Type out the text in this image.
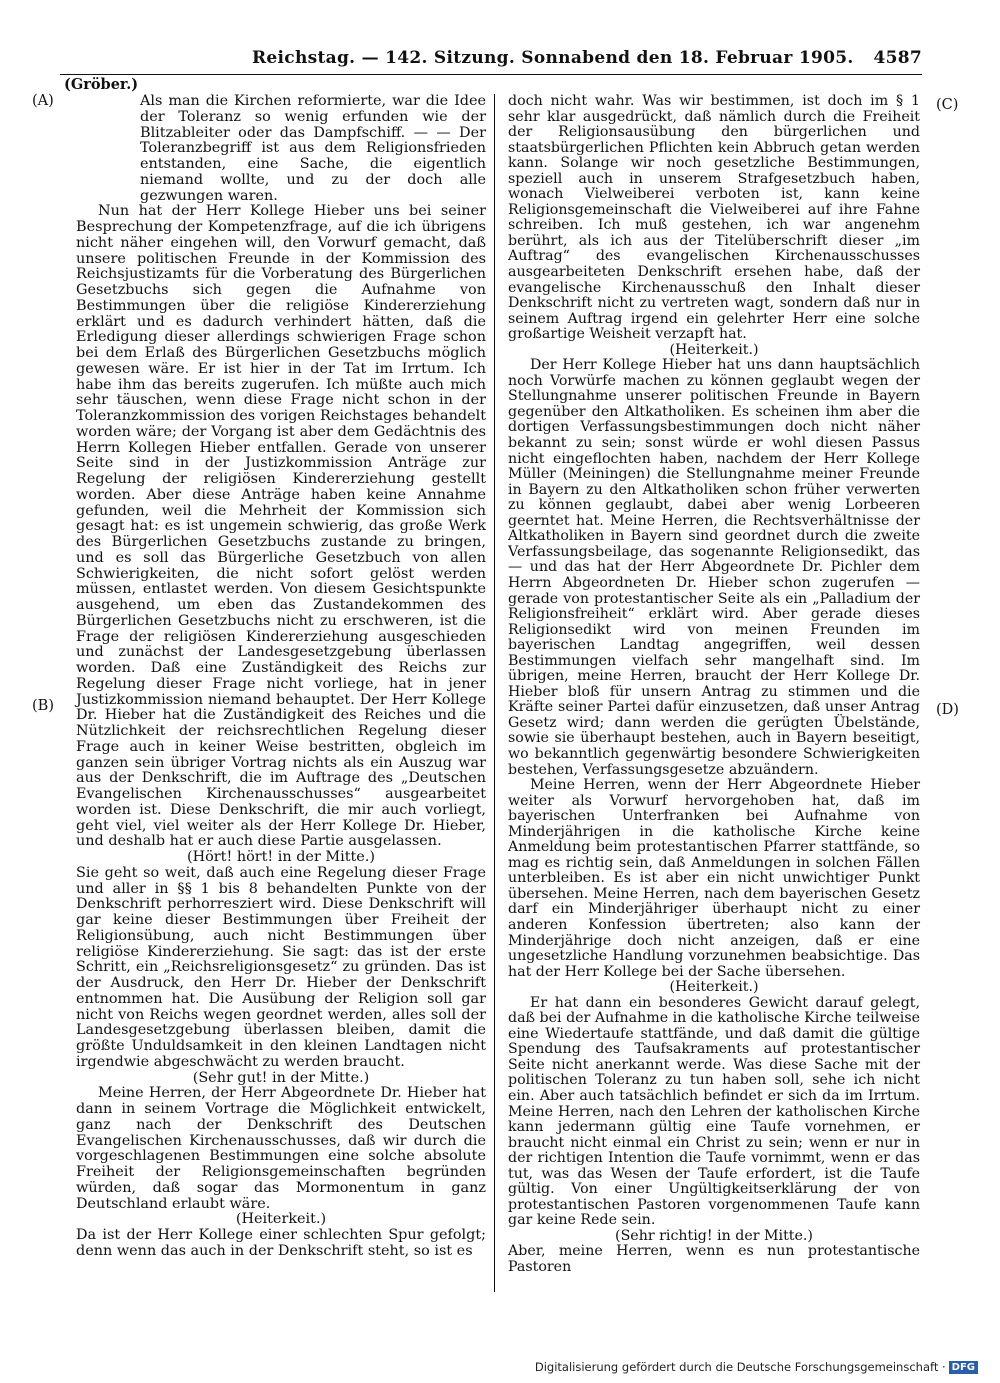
Reichstag. — 142. Sitzung. Sonnabend den 18. Februar 1905. 4587
(Gröber.)
(A)
(B)
(C)
(D)

Als man die Kirchen reformierte, war die Idee der Toleranz so wenig erfunden wie der Blitzableiter oder das Dampfschiff. — — Der Toleranzbegriff ist aus dem Religionsfrieden entstanden, eine Sache, die eigentlich niemand wollte, und zu der doch alle gezwungen waren.

Nun hat der Herr Kollege Hieber uns bei seiner Besprechung der Kompetenzfrage, auf die ich übrigens nicht näher eingehen will, den Vorwurf gemacht, daß unsere politischen Freunde in der Kommission des Reichsjustizamts für die Vorberatung des Bürgerlichen Gesetzbuchs sich gegen die Aufnahme von Bestimmungen über die religiöse Kindererziehung erklärt und es dadurch verhindert hätten, daß die Erledigung dieser allerdings schwierigen Frage schon bei dem Erlaß des Bürgerlichen Gesetzbuchs möglich gewesen wäre. Er ist hier in der Tat im Irrtum. Ich habe ihm das bereits zugerufen. Ich müßte auch mich sehr täuschen, wenn diese Frage nicht schon in der Toleranzkommission des vorigen Reichstages behandelt worden wäre; der Vorgang ist aber dem Gedächtnis des Herrn Kollegen Hieber entfallen. Gerade von unserer Seite sind in der Justizkommission Anträge zur Regelung der religiösen Kindererziehung gestellt worden. Aber diese Anträge haben keine Annahme gefunden, weil die Mehrheit der Kommission sich gesagt hat: es ist ungemein schwierig, das große Werk des Bürgerlichen Gesetzbuchs zustande zu bringen, und es soll das Bürgerliche Gesetzbuch von allen Schwierigkeiten, die nicht sofort gelöst werden müssen, entlastet werden. Von diesem Gesichtspunkte ausgehend, um eben das Zustandekommen des Bürgerlichen Gesetzbuchs nicht zu erschweren, ist die Frage der religiösen Kindererziehung ausgeschieden und zunächst der Landesgesetzgebung überlassen worden. Daß eine Zuständigkeit des Reichs zur Regelung dieser Frage nicht vorliege, hat in jener Justizkommission niemand behauptet. Der Herr Kollege Dr. Hieber hat die Zuständigkeit des Reiches und die Nützlichkeit der reichsrechtlichen Regelung dieser Frage auch in keiner Weise bestritten, obgleich im ganzen sein übriger Vortrag nichts als ein Auszug war aus der Denkschrift, die im Auftrage des „Deutschen Evangelischen Kirchenausschusses“ ausgearbeitet worden ist. Diese Denkschrift, die mir auch vorliegt, geht viel, viel weiter als der Herr Kollege Dr. Hieber, und deshalb hat er auch diese Partie ausgelassen.

(Hört! hört! in der Mitte.)

Sie geht so weit, daß auch eine Regelung dieser Frage und aller in §§ 1 bis 8 behandelten Punkte von der Denkschrift perhorresziert wird. Diese Denkschrift will gar keine dieser Bestimmungen über Freiheit der Religionsübung, auch nicht Bestimmungen über religiöse Kindererziehung. Sie sagt: das ist der erste Schritt, ein „Reichsreligionsgesetz“ zu gründen. Das ist der Ausdruck, den Herr Dr. Hieber der Denkschrift entnommen hat. Die Ausübung der Religion soll gar nicht von Reichs wegen geordnet werden, alles soll der Landesgesetzgebung überlassen bleiben, damit die größte Unduldsamkeit in den kleinen Landtagen nicht irgendwie abgeschwächt zu werden braucht.

(Sehr gut! in der Mitte.)

Meine Herren, der Herr Abgeordnete Dr. Hieber hat dann in seinem Vortrage die Möglichkeit entwickelt, ganz nach der Denkschrift des Deutschen Evangelischen Kirchenausschusses, daß wir durch die vorgeschlagenen Bestimmungen eine solche absolute Freiheit der Religionsgemeinschaften begründen würden, daß sogar das Mormonentum in ganz Deutschland erlaubt wäre.

(Heiterkeit.)

Da ist der Herr Kollege einer schlechten Spur gefolgt; denn wenn das auch in der Denkschrift steht, so ist es

doch nicht wahr. Was wir bestimmen, ist doch im § 1 sehr klar ausgedrückt, daß nämlich durch die Freiheit der Religionsausübung den bürgerlichen und staatsbürgerlichen Pflichten kein Abbruch getan werden kann. Solange wir noch gesetzliche Bestimmungen, speziell auch in unserem Strafgesetzbuch haben, wonach Vielweiberei verboten ist, kann keine Religionsgemeinschaft die Vielweiberei auf ihre Fahne schreiben. Ich muß gestehen, ich war angenehm berührt, als ich aus der Titelüberschrift dieser „im Auftrag“ des evangelischen Kirchenausschusses ausgearbeiteten Denkschrift ersehen habe, daß der evangelische Kirchenausschuß den Inhalt dieser Denkschrift nicht zu vertreten wagt, sondern daß nur in seinem Auftrag irgend ein gelehrter Herr eine solche großartige Weisheit verzapft hat.

(Heiterkeit.)

Der Herr Kollege Hieber hat uns dann hauptsächlich noch Vorwürfe machen zu können geglaubt wegen der Stellungnahme unserer politischen Freunde in Bayern gegenüber den Altkatholiken. Es scheinen ihm aber die dortigen Verfassungsbestimmungen doch nicht näher bekannt zu sein; sonst würde er wohl diesen Passus nicht eingeflochten haben, nachdem der Herr Kollege Müller (Meiningen) die Stellungnahme meiner Freunde in Bayern zu den Altkatholiken schon früher verwerten zu können geglaubt, dabei aber wenig Lorbeeren geerntet hat. Meine Herren, die Rechtsverhältnisse der Altkatholiken in Bayern sind geordnet durch die zweite Verfassungsbeilage, das sogenannte Religionsedikt, das — und das hat der Herr Abgeordnete Dr. Pichler dem Herrn Abgeordneten Dr. Hieber schon zugerufen — gerade von protestantischer Seite als ein „Palladium der Religionsfreiheit“ erklärt wird. Aber gerade dieses Religionsedikt wird von meinen Freunden im bayerischen Landtag angegriffen, weil dessen Bestimmungen vielfach sehr mangelhaft sind. Im übrigen, meine Herren, braucht der Herr Kollege Dr. Hieber bloß für unsern Antrag zu stimmen und die Kräfte seiner Partei dafür einzusetzen, daß unser Antrag Gesetz wird; dann werden die gerügten Übelstände, sowie sie überhaupt bestehen, auch in Bayern beseitigt, wo bekanntlich gegenwärtig besondere Schwierigkeiten bestehen, Verfassungsgesetze abzuändern.

Meine Herren, wenn der Herr Abgeordnete Hieber weiter als Vorwurf hervorgehoben hat, daß im bayerischen Unterfranken bei Aufnahme von Minderjährigen in die katholische Kirche keine Anmeldung beim protestantischen Pfarrer stattfände, so mag es richtig sein, daß Anmeldungen in solchen Fällen unterbleiben. Es ist aber ein nicht unwichtiger Punkt übersehen. Meine Herren, nach dem bayerischen Gesetz darf ein Minderjähriger überhaupt nicht zu einer anderen Konfession übertreten; also kann der Minderjährige doch nicht anzeigen, daß er eine ungesetzliche Handlung vorzunehmen beabsichtige. Das hat der Herr Kollege bei der Sache übersehen.

(Heiterkeit.)

Er hat dann ein besonderes Gewicht darauf gelegt, daß bei der Aufnahme in die katholische Kirche teilweise eine Wiedertaufe stattfände, und daß damit die gültige Spendung des Taufsakraments auf protestantischer Seite nicht anerkannt werde. Was diese Sache mit der politischen Toleranz zu tun haben soll, sehe ich nicht ein. Aber auch tatsächlich befindet er sich da im Irrtum. Meine Herren, nach den Lehren der katholischen Kirche kann jedermann gültig eine Taufe vornehmen, er braucht nicht einmal ein Christ zu sein; wenn er nur in der richtigen Intention die Taufe vornimmt, wenn er das tut, was das Wesen der Taufe erfordert, ist die Taufe gültig. Von einer Ungültigkeitserklärung der von protestantischen Pastoren vorgenommenen Taufe kann gar keine Rede sein.

(Sehr richtig! in der Mitte.)

Aber, meine Herren, wenn es nun protestantische Pastoren

Digitalisierung gefördert durch die Deutsche Forschungsgemeinschaft · DFG
